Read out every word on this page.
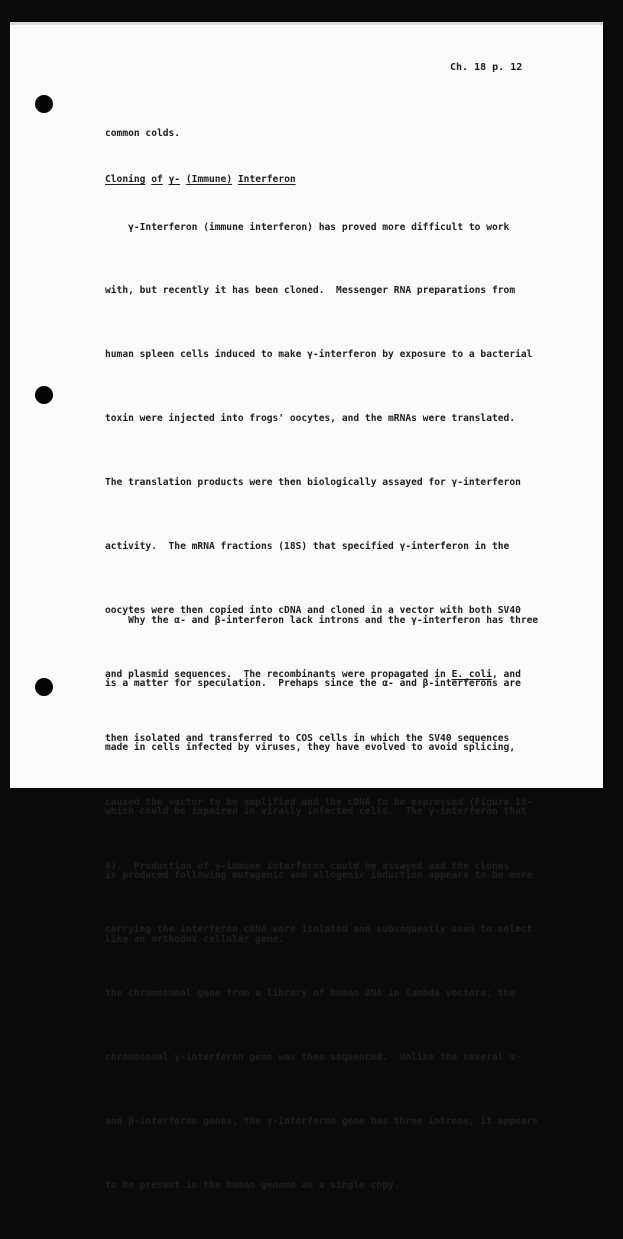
Ch. 18 p. 12

common colds.

Cloning of γ- (Immune) Interferon

γ-Interferon (immune interferon) has proved more difficult to work

with, but recently it has been cloned.  Messenger RNA preparations from

human spleen cells induced to make γ-interferon by exposure to a bacterial

toxin were injected into frogs' oocytes, and the mRNAs were translated.

The translation products were then biologically assayed for γ-interferon

activity.  The mRNA fractions (18S) that specified γ-interferon in the

oocytes were then copied into cDNA and cloned in a vector with both SV40

and plasmid sequences.  The recombinants were propagated in E. coli, and

then isolated and transferred to COS cells in which the SV40 sequences

caused the vector to be amplified and the cDNA to be expressed (Figure 15-

4).  Production of γ-immune interferon could be assayed and the clones

carrying the interferon cDNA were isolated and subsequently used to select

the chromosomal gene from a library of human DNA in lambda vectors; the

chromosomal γ-interferon gene was then sequenced.  Unlike the several α-

and β-interferon genes, the γ-interferon gene has three introns; it appears

to be present in the human genome as a single copy.

Why the α- and β-interferon lack introns and the γ-interferon has three

is a matter for speculation.  Prehaps since the α- and β-interferons are

made in cells infected by viruses, they have evolved to avoid splicing,

which could be impaired in virally infected cells.  The γ-interferon that

is produced following mutagenic and allogenic induction appears to be more

like an orthodox cellular gene.
